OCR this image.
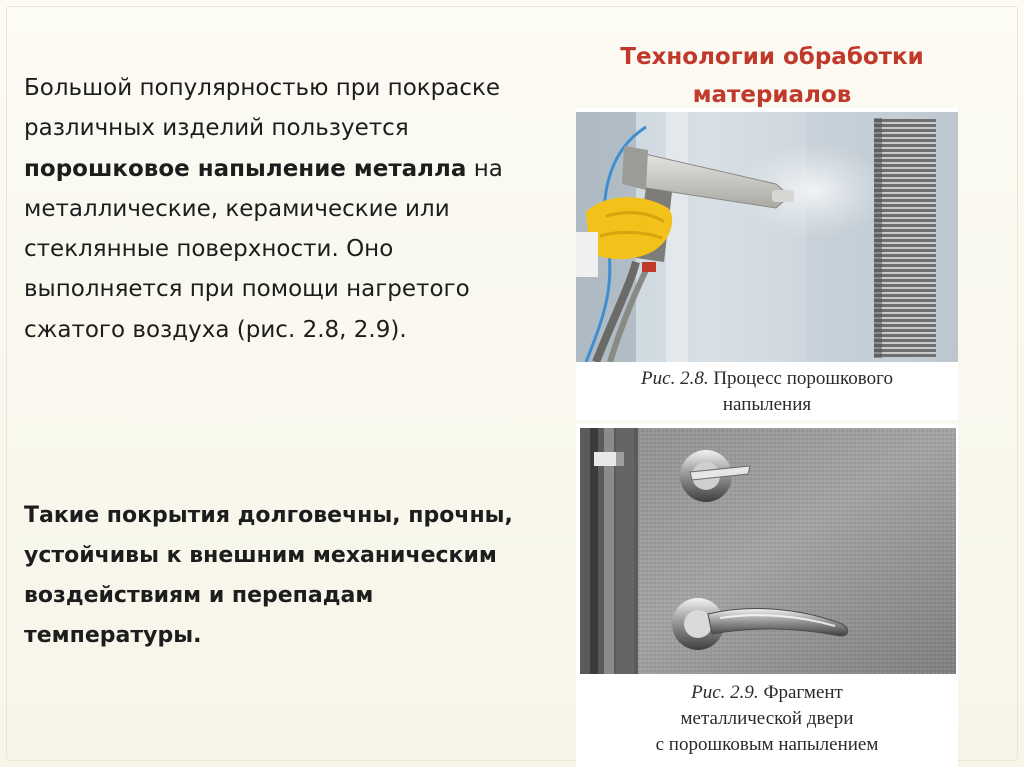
Технологии обработки материалов
Большой популярностью при покраске различных изделий пользуется порошковое напыление металла на металлические, керамические или стеклянные поверхности. Оно выполняется при помощи нагретого сжатого воздуха (рис. 2.8, 2.9).
Такие покрытия долговечны, прочны, устойчивы к внешним механическим воздействиям и перепадам температуры.
Рис. 2.8. Процесс порошкового
напыления
Рис. 2.9. Фрагмент
металлической двери
с порошковым напылением
